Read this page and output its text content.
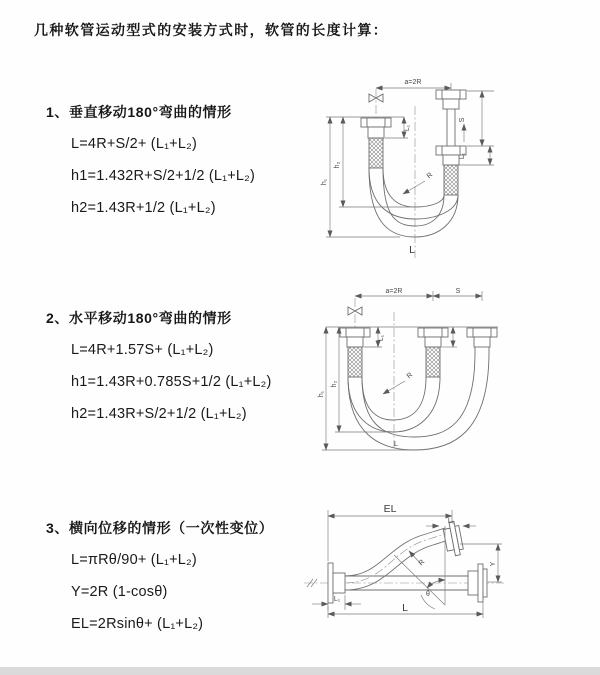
几种软管运动型式的安装方式时，软管的长度计算：
1、垂直移动180°弯曲的情形
L=4R+S/2+ (L₁+L₂)
h1=1.432R+S/2+1/2 (L₁+L₂)
h2=1.43R+1/2 (L₁+L₂)
2、水平移动180°弯曲的情形
L=4R+1.57S+ (L₁+L₂)
h1=1.43R+0.785S+1/2 (L₁+L₂)
h2=1.43R+S/2+1/2 (L₁+L₂)
3、横向位移的情形（一次性变位）
L=πRθ/90+ (L₁+L₂)
Y=2R (1-cosθ)
EL=2Rsinθ+ (L₁+L₂)
a=2R
h₁
h₂
L₁
S
L₁
R
L
a=2R	S
h₁
h₂
L₁
R
L
EL
L₁
Y
θ
R
L₁
L
